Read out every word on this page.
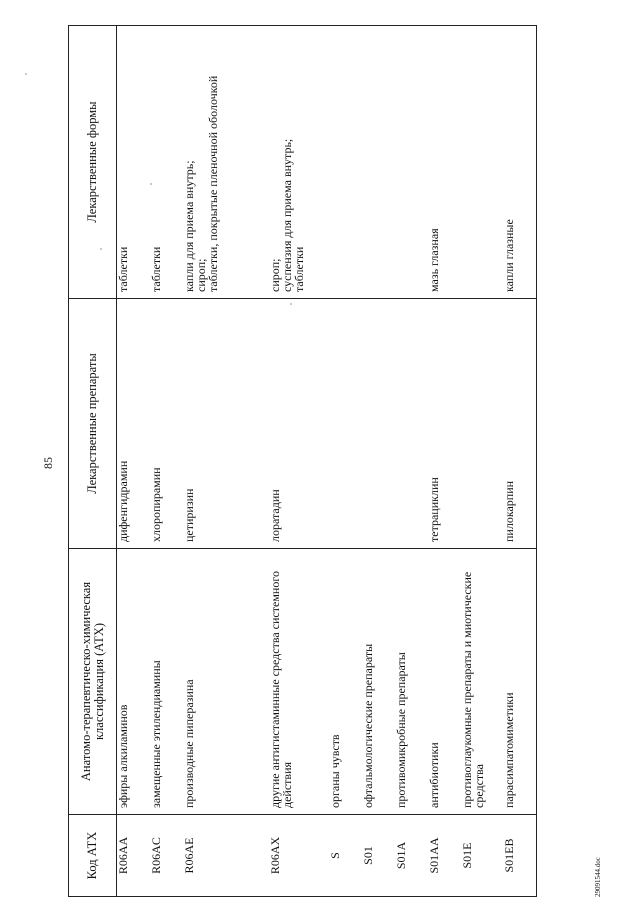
85
Код АТХ	Анатомо-терапевтическо-химическая классификация (АТХ)	Лекарственные препараты	Лекарственные формы
R06AA	эфиры алкиламинов	дифенгидрамин	таблетки

R06AC	замещенные этилендиамины	хлоропирамин	таблетки

R06AE	производные пиперазина	цетиризин	капли для приема внутрь;
сироп;
таблетки, покрытые пленочной оболочкой

R06AX	другие антигистаминные средства системного действия	лоратадин	сироп;
суспензия для приема внутрь;
таблетки

S	органы чувств		
S01	офтальмологические препараты		
S01A	противомикробные препараты		
S01AA	антибиотики	тетрациклин	мазь глазная

S01E	противоглаукомные препараты и миотические средства		
S01EB	парасимпатомиметики	пилокарпин	капли глазные
29091544.doc
